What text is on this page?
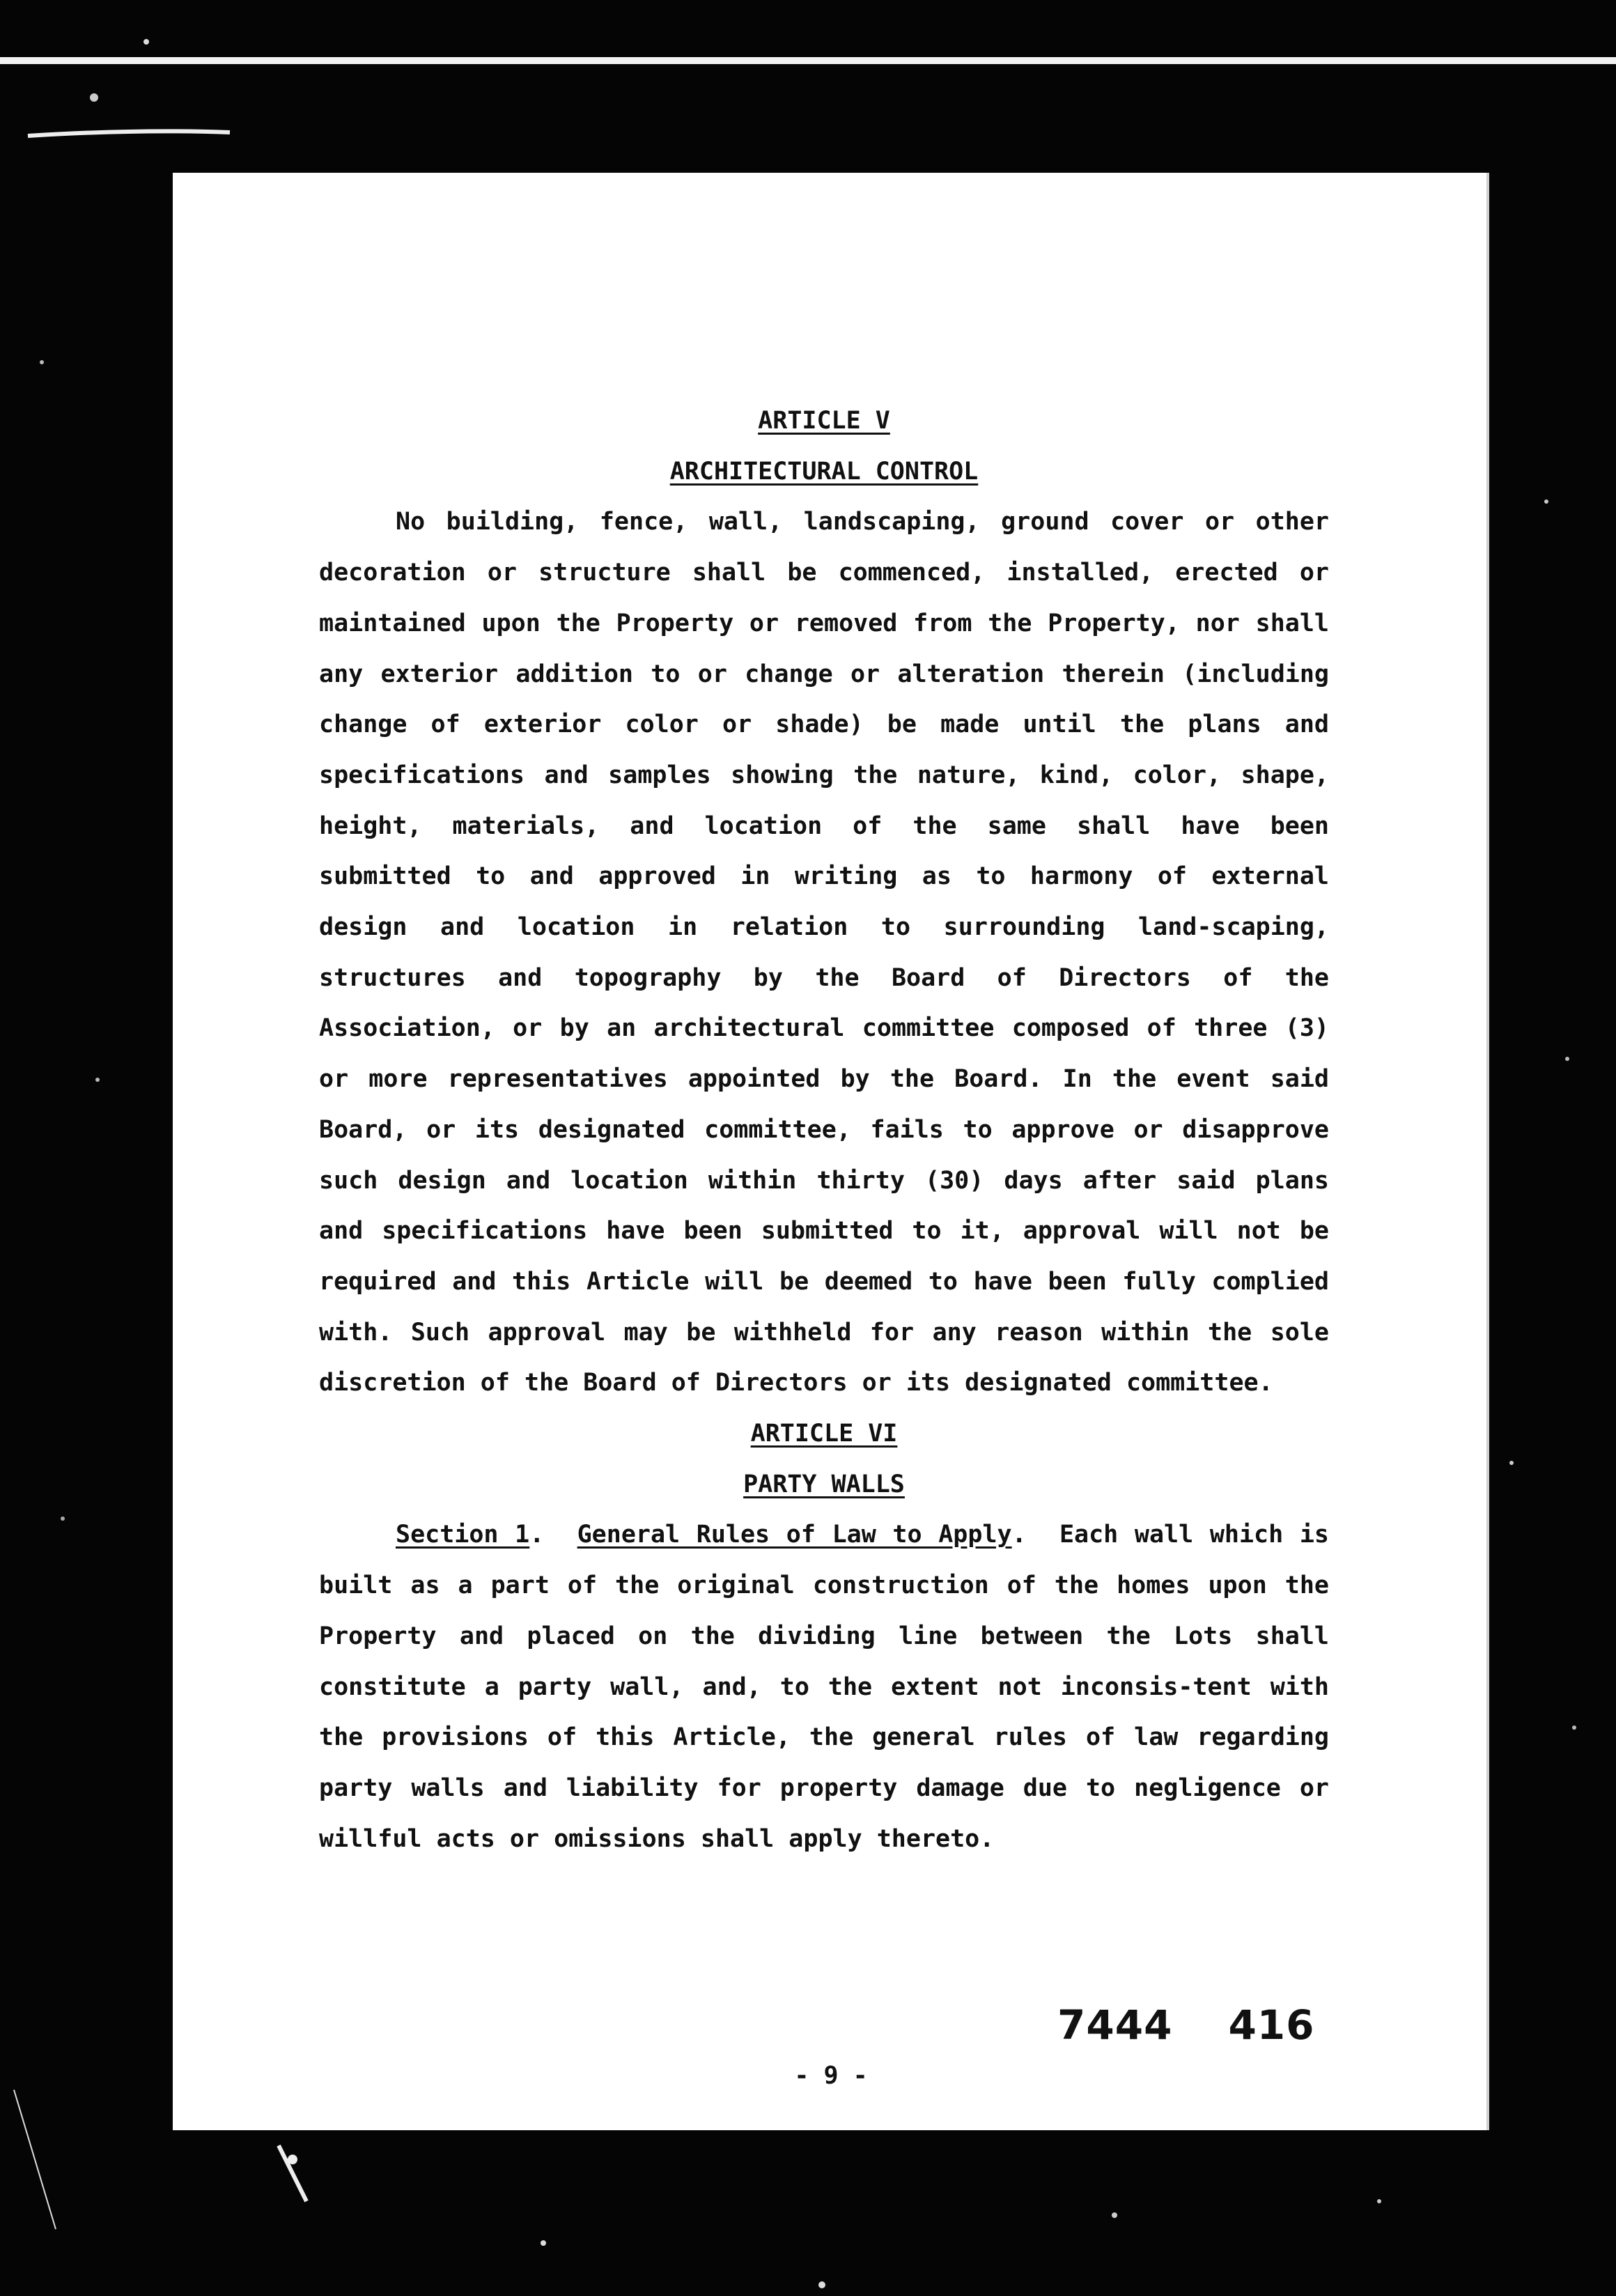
ARTICLE V
ARCHITECTURAL CONTROL

No building, fence, wall, landscaping, ground cover or other decoration or structure shall be commenced, installed, erected or maintained upon the Property or removed from the Property, nor shall any exterior addition to or change or alteration therein (including change of exterior color or shade) be made until the plans and specifications and samples showing the nature, kind, color, shape, height, materials, and location of the same shall have been submitted to and approved in writing as to harmony of external design and location in relation to surrounding land-scaping, structures and topography by the Board of Directors of the Association, or by an architectural committee composed of three (3) or more representatives appointed by the Board. In the event said Board, or its designated committee, fails to approve or disapprove such design and location within thirty (30) days after said plans and specifications have been submitted to it, approval will not be required and this Article will be deemed to have been fully complied with. Such approval may be withheld for any reason within the sole discretion of the Board of Directors or its designated committee.

ARTICLE VI
PARTY WALLS

Section 1.  General Rules of Law to Apply.  Each wall which is built as a part of the original construction of the homes upon the Property and placed on the dividing line between the Lots shall constitute a party wall, and, to the extent not inconsis-tent with the provisions of this Article, the general rules of law regarding party walls and liability for property damage due to negligence or willful acts or omissions shall apply thereto.

7444 416
- 9 -
